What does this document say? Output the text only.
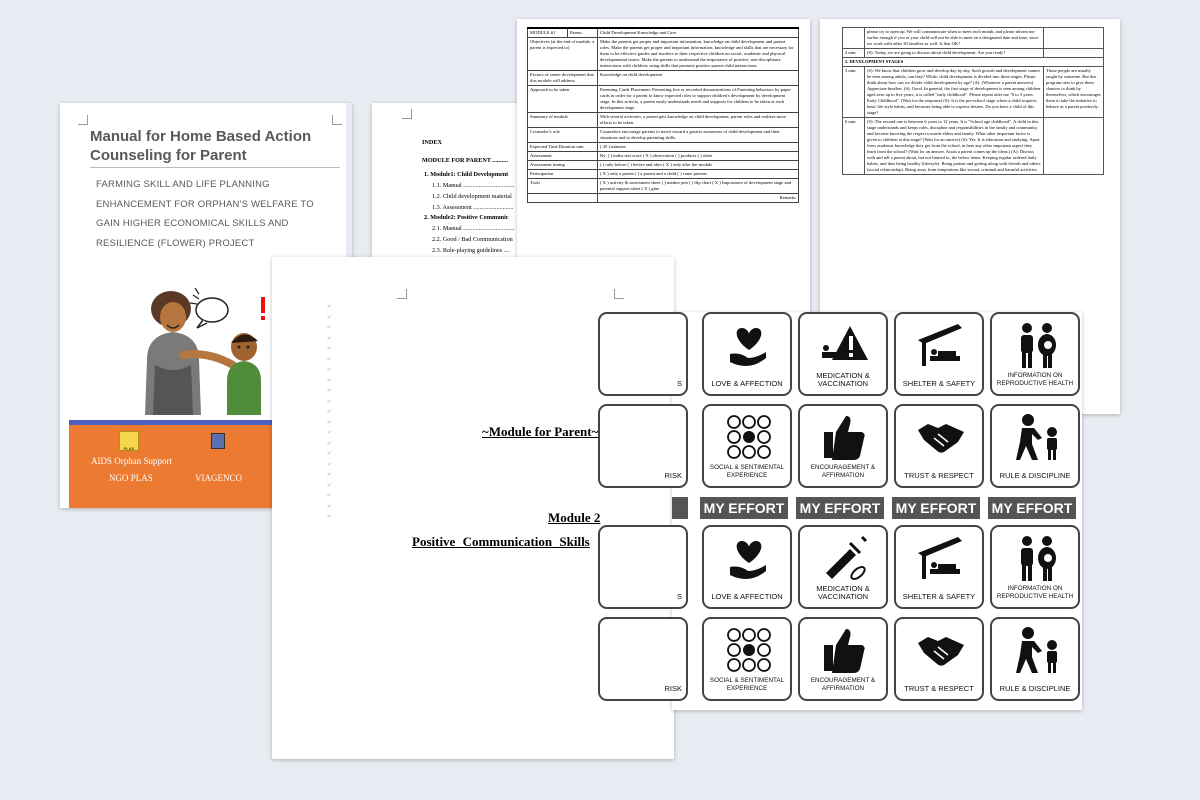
Manual for Home Based Action Counseling for Parent
FARMING SKILL AND LIFE PLANNING
ENHANCEMENT FOR ORPHAN'S WELFARE TO
GAIN HIGHER ECONOMICAL SKILLS AND
RESILIENCE (FLOWER) PROJECT
PLAS
AIDS Orphan Support
NGO PLAS	VIAGENCO
INDEX
MODULE FOR PARENT ..........
1. Module1: Child Development
1.1. Manual .................................
1.2. Child development material
1.3. Assessment ..........................
2. Module2: Positive Communic
2.1. Manual .................................
2.2. Good / Bad Communication
2.3. Role-playing guidelines ....
MODULE #1	Parent	Child Development Knowledge and Care
Objectives (at the end of module, a parent is expected to)		Make the parents get proper and important information, knowledge on child development and parent roles. Make the parents get proper and important information, knowledge and skills that are necessary for them to be effective guides and teachers to their respective children on social, academic and physical developmental issues. Make the parents to understand the importance of positive, non-disciplinary interactions with children; using skills that promote positive parent-child interactions.
Factors of career development that this module will address		Knowledge on child development
Approach to be taken		Parenting Cards Placement: Presenting live or recorded demonstrations of Parenting behaviors by paper cards in order for a parent to know expected roles to support children's development by development stage. In this activity, a parent easily understands needs and supports for children to be taken at each development stage.
Summary of module		With several activities, a parent gets knowledge on child development, parent roles and realizes more efforts to be taken.
Counselor's role		Counselors encourage parents to move toward a greater awareness of child development and their situations and to develop parenting skills.
Expected Time Duration min.		( 45 ) minutes
Assessment		By: ( ) index test score ( X ) observation ( ) products ( ) other
Assessment timing		( ) only before ( ) before and after ( X ) only after the module
Participation		( X ) only a parent ( ) a parent and a child ( ) some parents
Tools		( X ) activity & assessment sheet ( ) marker pen ( ) flip chart ( X ) Importance of development stage and parental support sheet ( X ) glue
		Remarks
	please try to open up. We will communicate when to meet each month, and please inform me earlier enough if you or your child will not be able to meet on a designated date and time, since we work with other 30 families as well. Is that OK?	
2 min.	(S): Today, we are going to discuss about child development. Are you ready?	
2. DEVELOPMENT STAGES		
3 min.	(S): We know that children grow and develop day by day. Such growth and development cannot be seen among adults, can they? While, child development is divided into three stages. Please think about how can we divide child development by age? (A): (Whatever a parent answers) Appreciate him/her. (S): Good. In general, the first stage of development is seen among children aged zero up to five years, it is called "early childhood". Please repeat after me "0 to 5 years Early Childhood". (Wait for the response) (S): It is the pre-school stage where a child acquires basic life style habits, and becomes being able to express desires. Do you have a child of this stage?	Those people are usually taught by someone. But this program tries to give them chances to think by themselves, which encourages them to take the initiative to behave as a parent positively.
6 min.	(S): The second one is between 6 years to 12 years. It is "School age childhood". A child in this stage understands and keeps rules, discipline and responsibilities in the family and community, and become knowing the respect towards elders and family. What other important factor is given to children at this stage? (Wait for an answer) (S): Yes. It is education and studying. Apart from academic knowledge they get from the school, in here any other important aspect they learn from the school? (Wait for an answer. Assist a parent comes up the ideas.) (A): Discuss with and tell a parent about, but not limited to, the below items. Keeping regular ordered daily habits, and thus being healthy (lifestyle). Being patient and getting along with friends and others (social relationship). Being away from temptations like sexual, criminal and harmful activities.	
↵
↵
↵
↵
↵
↵
↵
↵
↵
↵
↵
↵
↵
↵
↵
↵
↵
↵
↵
↵
↵
~Module for Parent~
Module 2
Positive Communication Skills
S
RISK
S
RISK
LOVE & AFFECTION
MEDICATION & VACCINATION	SHELTER & SAFETY
INFORMATION ON REPRODUCTIVE HEALTH
SOCIAL & SENTIMENTAL EXPERIENCE
ENCOURAGEMENT & AFFIRMATION	TRUST & RESPECT	RULE & DISCIPLINE
MY EFFORT MY EFFORT MY EFFORT MY EFFORT
LOVE & AFFECTION
MEDICATION & VACCINATION	SHELTER & SAFETY
INFORMATION ON REPRODUCTIVE HEALTH
SOCIAL & SENTIMENTAL EXPERIENCE
ENCOURAGEMENT & AFFIRMATION	TRUST & RESPECT	RULE & DISCIPLINE
